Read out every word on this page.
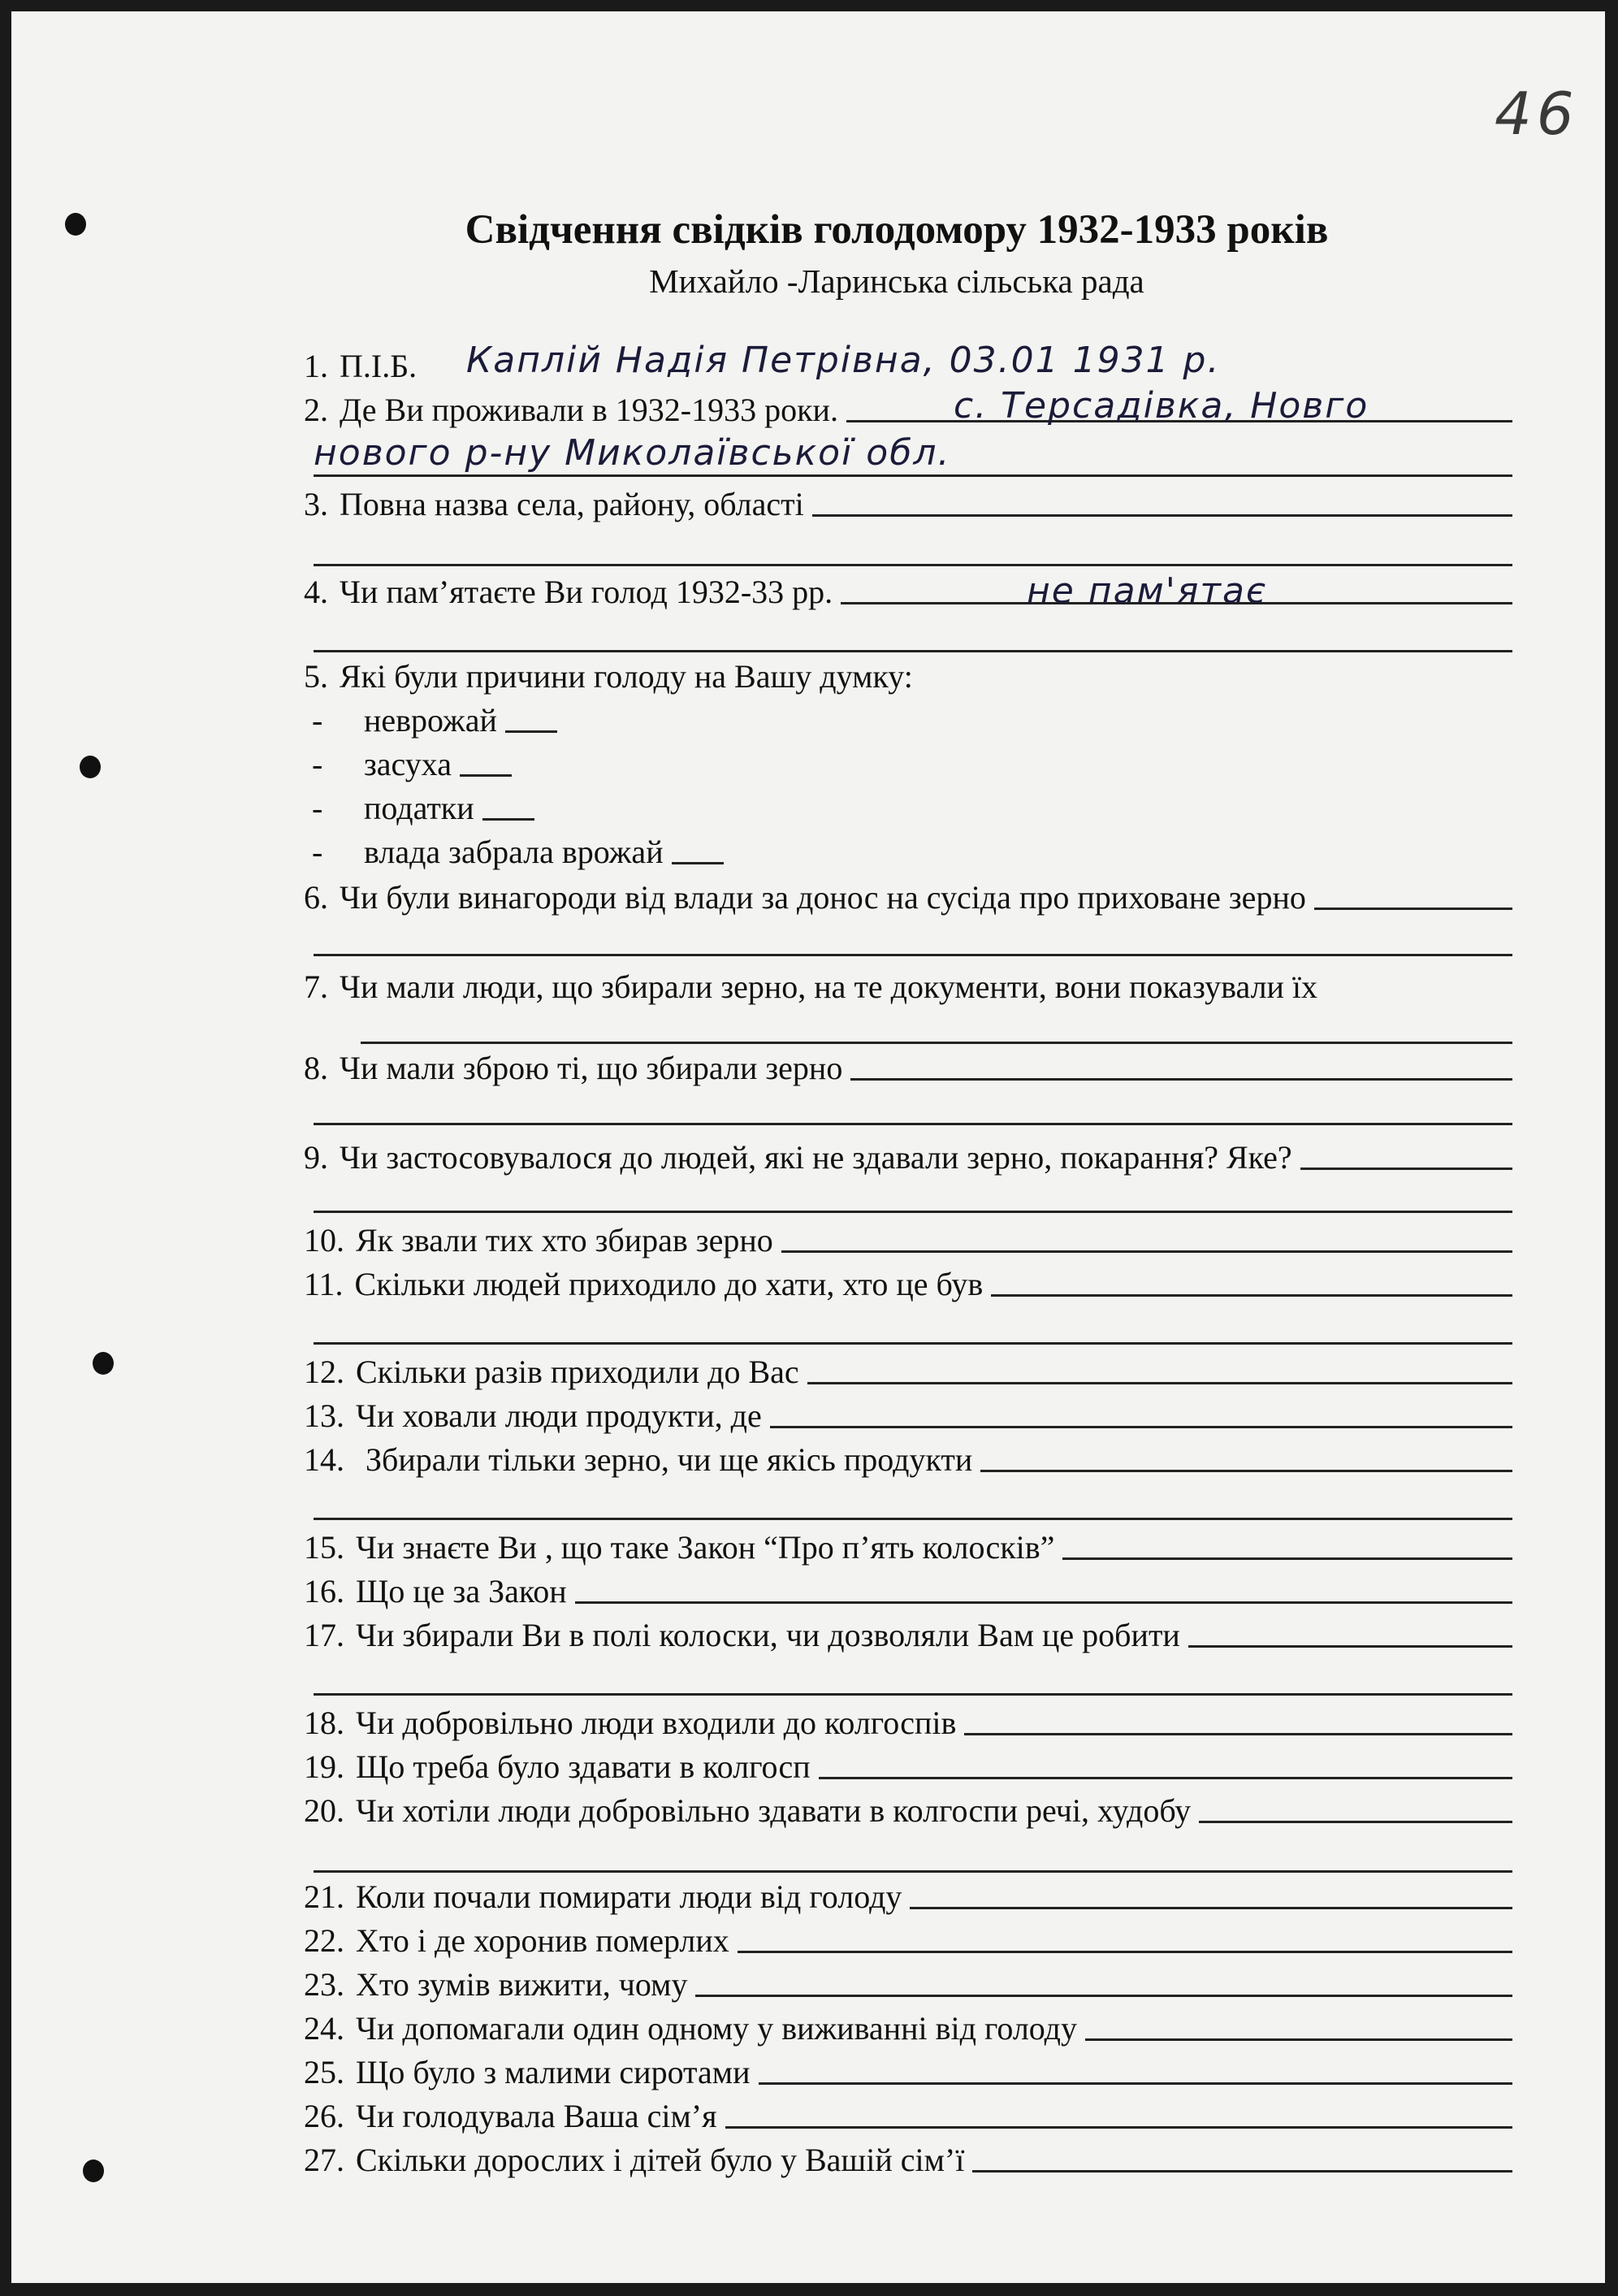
46
Свідчення свідків голодомору 1932-1933 років
Михайло -Ларинська сільська рада
1. П.І.Б. Каплій Надія Петрівна, 03.01 1931 р.
2. Де Ви проживали в 1932-1933 роки.	с. Терсадівка, Новго
нового р-ну Миколаївської обл.
3. Повна назва села, району, області
4. Чи пам’ятаєте Ви голод 1932-33 рр.	не пам'ятає
5. Які були причини голоду на Вашу думку:
-	неврожай
-	засуха
-	податки
-	влада забрала врожай
6. Чи були винагороди від влади за донос на сусіда про приховане зерно
7. Чи мали люди, що збирали зерно, на те документи, вони показували їх
8. Чи мали зброю ті, що збирали зерно
9. Чи застосовувалося до людей, які не здавали зерно, покарання? Яке?
10. Як звали тих хто збирав зерно
11. Скільки людей приходило до хати, хто це був
12. Скільки разів приходили до Вас
13. Чи ховали люди продукти, де
14. Збирали тільки зерно, чи ще якісь продукти
15. Чи знаєте Ви , що таке Закон “Про п’ять колосків”
16. Що це за Закон
17. Чи збирали Ви в полі колоски, чи дозволяли Вам це робити
18. Чи добровільно люди входили до колгоспів
19. Що треба було здавати в колгосп
20. Чи хотіли люди добровільно здавати в колгоспи речі, худобу
21. Коли почали помирати люди від голоду
22. Хто і де хоронив померлих
23. Хто зумів вижити, чому
24. Чи допомагали один одному у виживанні від голоду
25. Що було з малими сиротами
26. Чи голодувала Ваша сім’я
27. Скільки дорослих і дітей було у Вашій сім’ї
